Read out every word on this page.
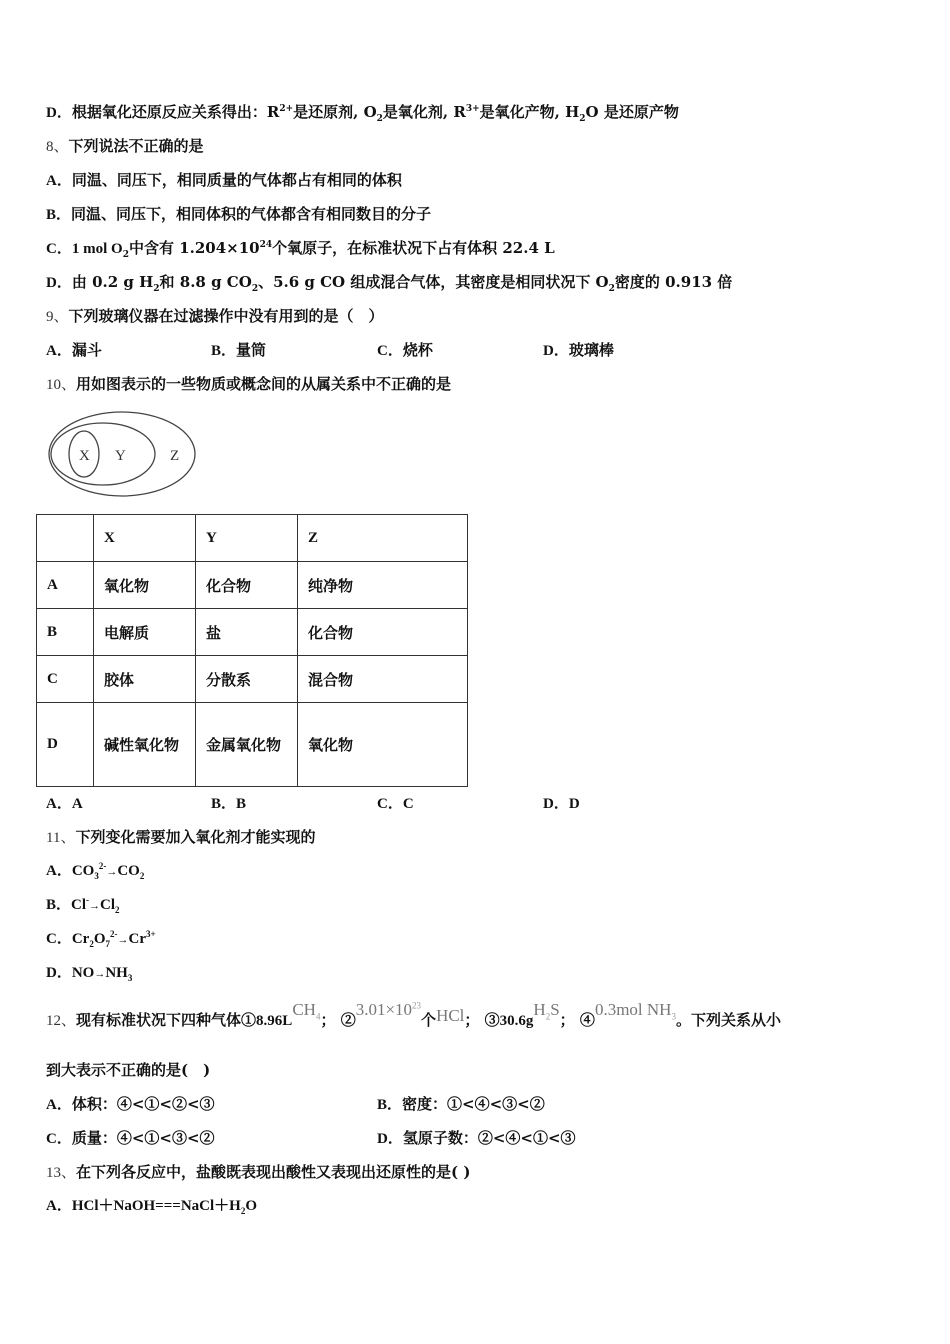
D．根据氧化还原反应关系得出：$R^{2+}$是还原剂, $O_2$是氧化剂, $R^{3+}$是氧化产物, $H_2O$ 是还原产物
8、下列说法不正确的是
A．同温、同压下，相同质量的气体都占有相同的体积
B．同温、同压下，相同体积的气体都含有相同数目的分子
C．1 mol $O_2$中含有 $1.204\times 10^{24}$个氧原子，在标准状况下占有体积 22.4 L
D．由 0.2 g $H_2$和 8.8 g $CO_2$、5.6 g CO 组成混合气体，其密度是相同状况下 $O_2$密度的 0.913 倍
9、下列玻璃仪器在过滤操作中没有用到的是（　）
A．漏斗	B．量筒	C．烧杯	D．玻璃棒
10、用如图表示的一些物质或概念间的从属关系中不正确的是
X Y	Z
	X	Y	Z
A	氧化物	化合物	纯净物
B	电解质	盐	化合物
C	胶体	分散系	混合物
D	碱性氧化物	金属氧化物	氧化物
A．A	B．B	C．C	D．D
11、下列变化需要加入氧化剂才能实现的
A．$CO_3^{2-}\to CO_2$
B．$Cl^-\to Cl_2$
C．$Cr_2O_7^{2-}\to Cr^{3+}$
D．$NO\to NH_3$
12、现有标准状况下四种气体$①8.96LCH_4$； $②3.01\times 10^{23}$个HCl； $③30.6gH_2S$； ④0.3mol $NH_3$。下列关系从小
到大表示不正确的是(　)
A．体积：④<①<②<③	B．密度：①<④<③<②
C．质量：④<①<③<②	D．氢原子数：②<④<①<③
13、在下列各反应中，盐酸既表现出酸性又表现出还原性的是( )
A．$HCl+NaOH===NaCl+H_2O$
